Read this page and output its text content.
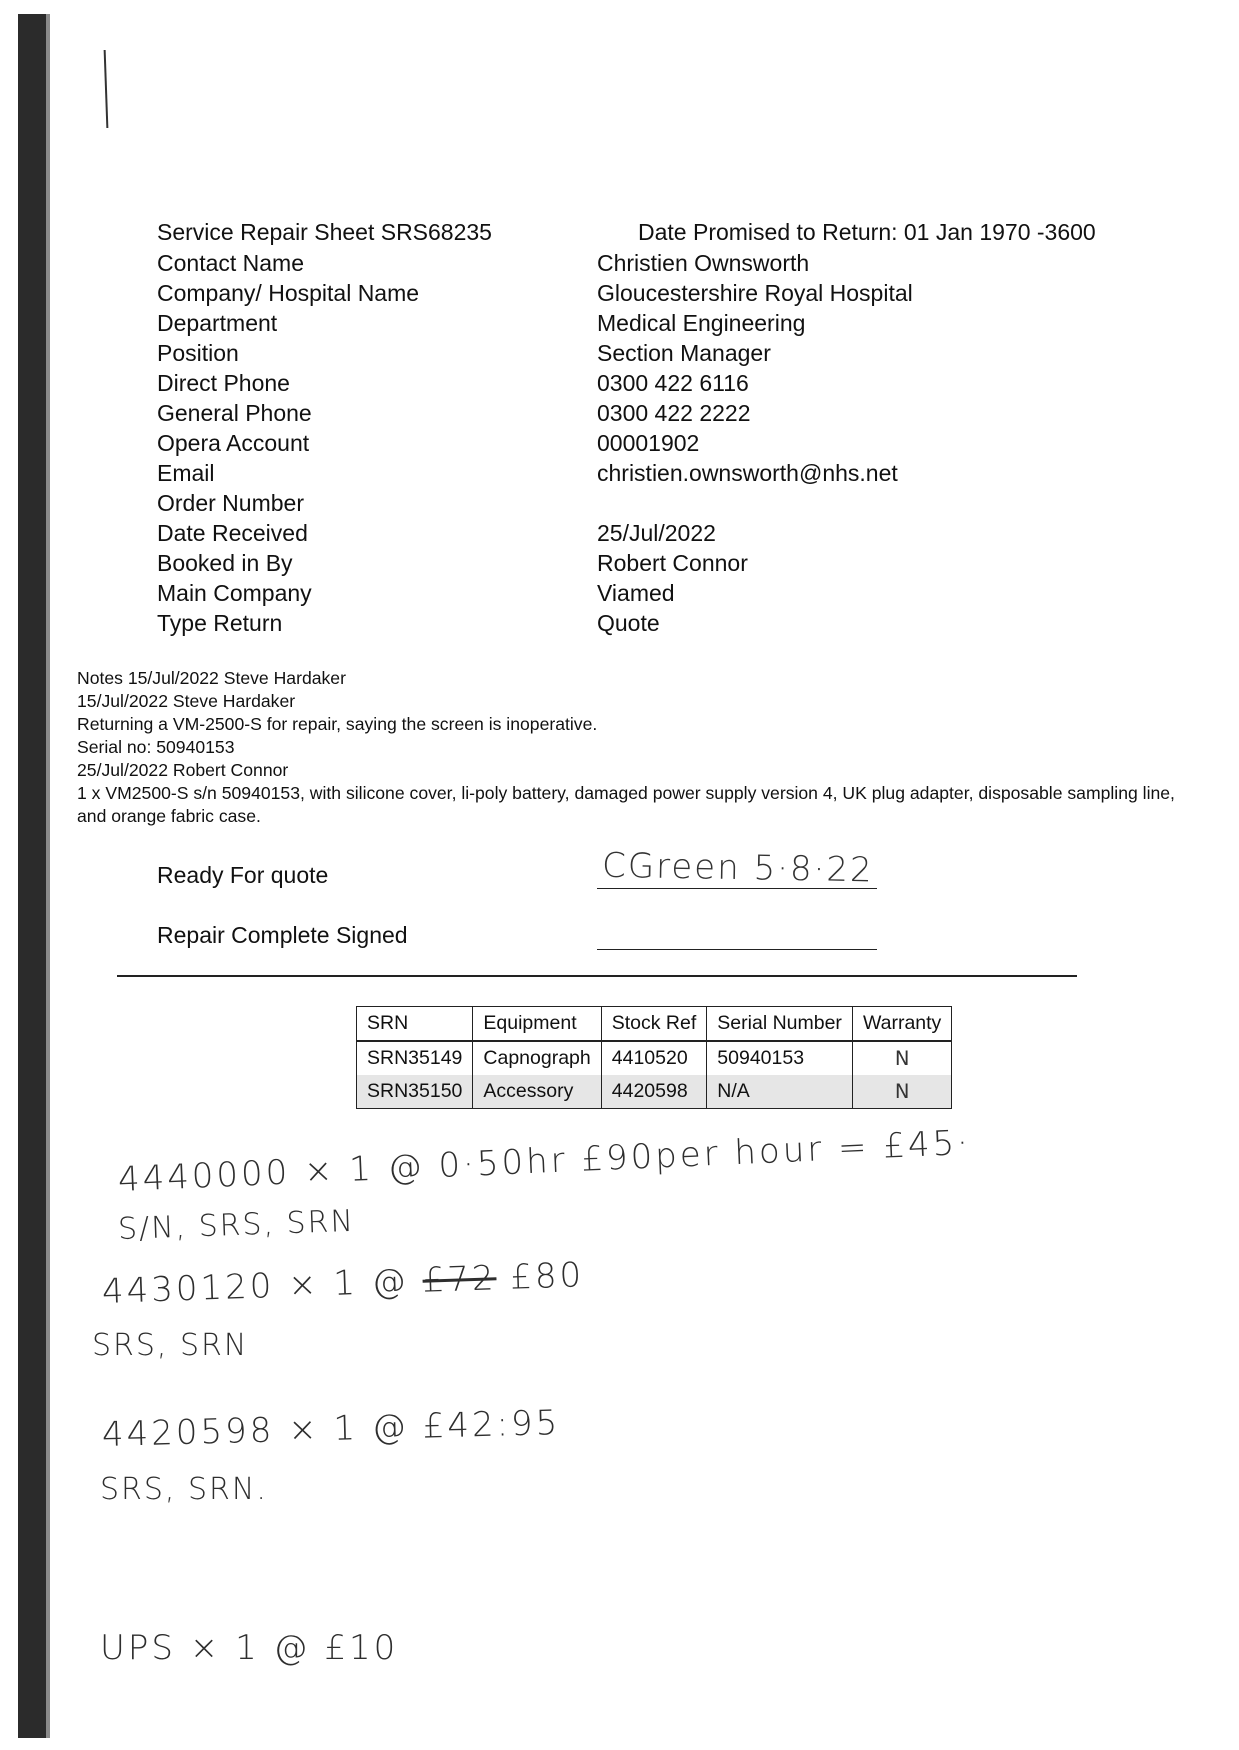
Service Repair Sheet SRS68235	Date Promised to Return: 01 Jan 1970 -3600
Contact Name	Christien Ownsworth
Company/ Hospital Name	Gloucestershire Royal Hospital
Department	Medical Engineering
Position	Section Manager
Direct Phone	0300 422 6116
General Phone	0300 422 2222
Opera Account	00001902
Email	christien.ownsworth@nhs.net
Order Number
Date Received	25/Jul/2022
Booked in By	Robert Connor
Main Company	Viamed
Type Return	Quote
Notes 15/Jul/2022 Steve Hardaker
15/Jul/2022 Steve Hardaker
Returning a VM-2500-S for repair, saying the screen is inoperative.
Serial no: 50940153
25/Jul/2022 Robert Connor
1 x VM2500-S s/n 50940153, with silicone cover, li-poly battery, damaged power supply version 4, UK plug adapter, disposable sampling line, and orange fabric case.
Ready For quote	CGreen 5·8·22
Repair Complete Signed
SRN	Equipment	Stock Ref	Serial Number	Warranty
SRN35149	Capnograph	4410520	50940153	N
SRN35150	Accessory	4420598	N/A	N
4440000 × 1 @ 0·50hr £90per hour = £45·
S/N, SRS, SRN
4430120 × 1 @ £72 £80
SRS, SRN
4420598 × 1 @ £42:95
SRS, SRN.
UPS × 1 @ £10
